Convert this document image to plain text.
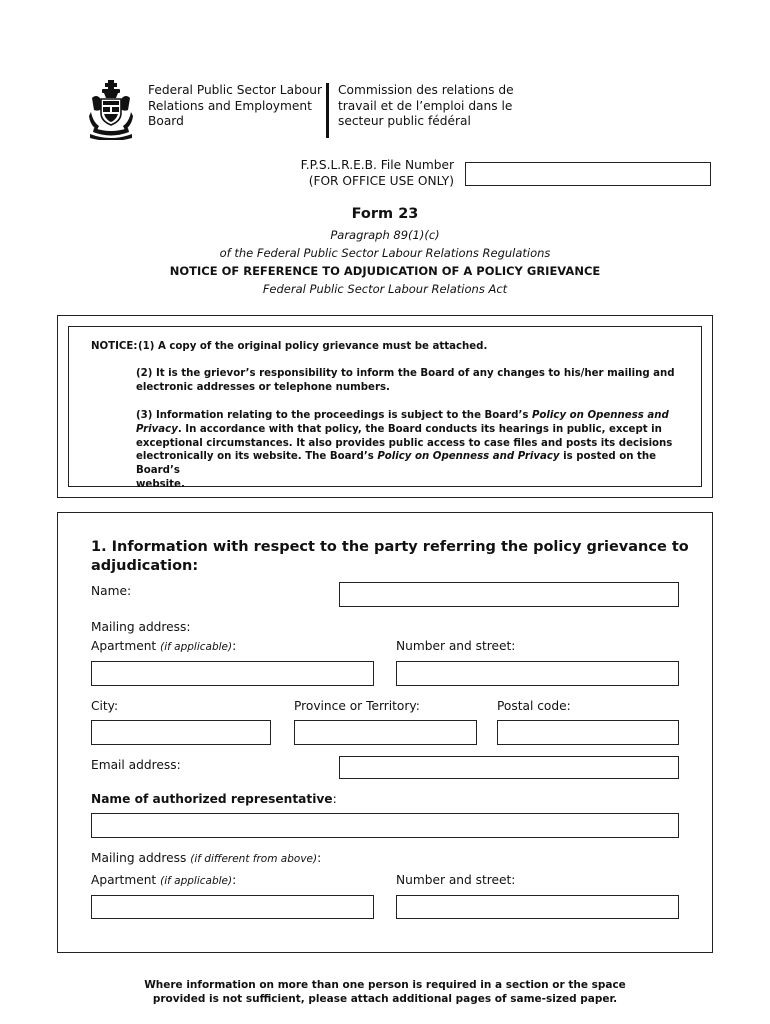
Federal Public Sector Labour
Relations and Employment
Board
Commission des relations de
travail et de l’emploi dans le
secteur public fédéral
F.P.S.L.R.E.B. File Number
(FOR OFFICE USE ONLY)
Form 23
Paragraph 89(1)(c)
of the Federal Public Sector Labour Relations Regulations
NOTICE OF REFERENCE TO ADJUDICATION OF A POLICY GRIEVANCE
Federal Public Sector Labour Relations Act
NOTICE: (1) A copy of the original policy grievance must be attached.
(2) It is the grievor’s responsibility to inform the Board of any changes to his/her mailing and
electronic addresses or telephone numbers.
(3) Information relating to the proceedings is subject to the Board’s Policy on Openness and
Privacy. In accordance with that policy, the Board conducts its hearings in public, except in
exceptional circumstances. It also provides public access to case files and posts its decisions
electronically on its website. The Board’s Policy on Openness and Privacy is posted on the Board’s
website.
1. Information with respect to the party referring the policy grievance to
adjudication:
Name:
Mailing address:
Apartment (if applicable):	Number and street:
City:	Province or Territory:	Postal code:
Email address:
Name of authorized representative:
Mailing address (if different from above):
Apartment (if applicable):	Number and street:
Where information on more than one person is required in a section or the space
provided is not sufficient, please attach additional pages of same-sized paper.
